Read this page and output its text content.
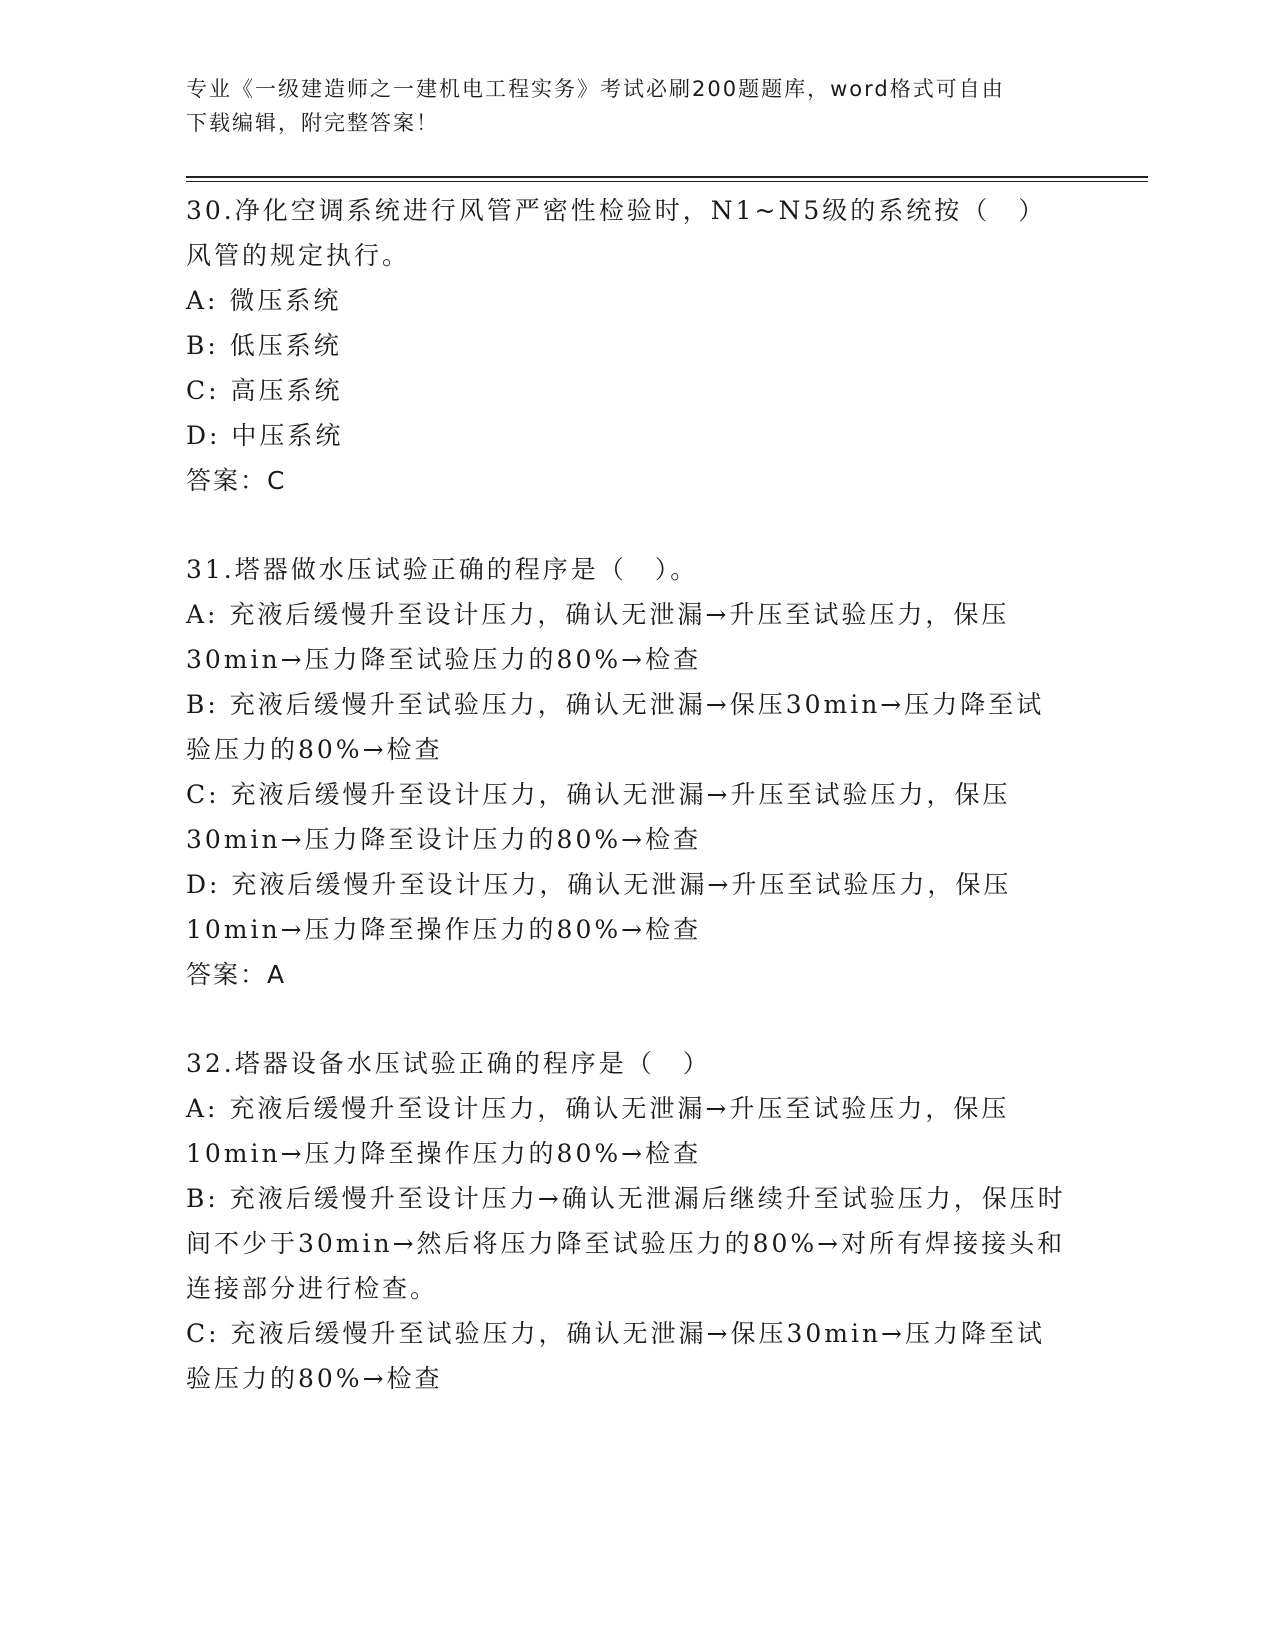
专业《一级建造师之一建机电工程实务》考试必刷200题题库，word格式可自由
下载编辑，附完整答案！

30.净化空调系统进行风管严密性检验时，N1~N5级的系统按（　）风管的规定执行。

A: 微压系统

B: 低压系统

C: 高压系统

D: 中压系统

答案：C

31.塔器做水压试验正确的程序是（　）。

A: 充液后缓慢升至设计压力，确认无泄漏→升压至试验压力，保压30min→压力降至试验压力的80%→检查

B: 充液后缓慢升至试验压力，确认无泄漏→保压30min→压力降至试验压力的80%→检查

C: 充液后缓慢升至设计压力，确认无泄漏→升压至试验压力，保压30min→压力降至设计压力的80%→检查

D: 充液后缓慢升至设计压力，确认无泄漏→升压至试验压力，保压10min→压力降至操作压力的80%→检查

答案：A

32.塔器设备水压试验正确的程序是（　）

A: 充液后缓慢升至设计压力，确认无泄漏→升压至试验压力，保压10min→压力降至操作压力的80%→检查

B: 充液后缓慢升至设计压力→确认无泄漏后继续升至试验压力，保压时间不少于30min→然后将压力降至试验压力的80%→对所有焊接接头和连接部分进行检查。

C: 充液后缓慢升至试验压力，确认无泄漏→保压30min→压力降至试验压力的80%→检查
